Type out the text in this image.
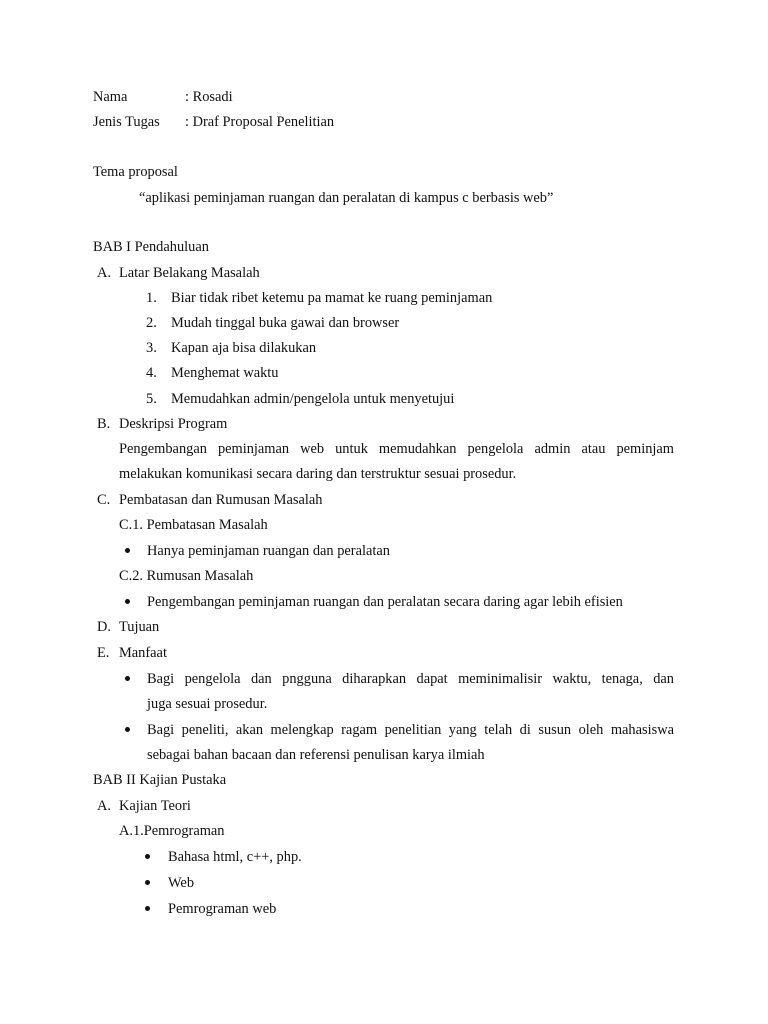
Nama	: Rosadi
Jenis Tugas : Draf Proposal Penelitian
Tema proposal
“aplikasi peminjaman ruangan dan peralatan di kampus c berbasis web”
BAB I Pendahuluan
A. Latar Belakang Masalah
1. Biar tidak ribet ketemu pa mamat ke ruang peminjaman
2. Mudah tinggal buka gawai dan browser
3. Kapan aja bisa dilakukan
4. Menghemat waktu
5. Memudahkan admin/pengelola untuk menyetujui
B. Deskripsi Program
Pengembangan peminjaman web untuk memudahkan pengelola admin atau peminjam
melakukan komunikasi secara daring dan terstruktur sesuai prosedur.
C. Pembatasan dan Rumusan Masalah
C.1. Pembatasan Masalah
Hanya peminjaman ruangan dan peralatan
C.2. Rumusan Masalah
Pengembangan peminjaman ruangan dan peralatan secara daring agar lebih efisien
D. Tujuan
E. Manfaat
Bagi pengelola dan pngguna diharapkan dapat meminimalisir waktu, tenaga, dan
juga sesuai prosedur.
Bagi peneliti, akan melengkap ragam penelitian yang telah di susun oleh mahasiswa
sebagai bahan bacaan dan referensi penulisan karya ilmiah
BAB II Kajian Pustaka
A. Kajian Teori
A.1.Pemrograman
Bahasa html, c++, php.
Web
Pemrograman web
